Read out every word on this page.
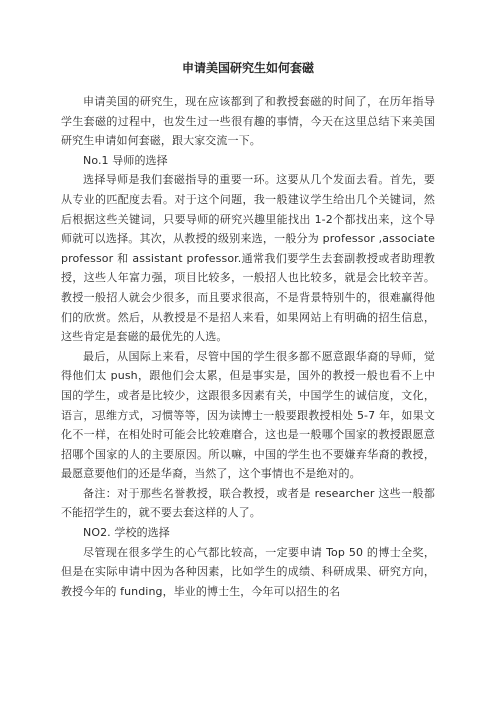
申请美国研究生如何套磁

申请美国的研究生，现在应该都到了和教授套磁的时间了，在历年指导学生套磁的过程中，也发生过一些很有趣的事情，今天在这里总结下来美国研究生申请如何套磁，跟大家交流一下。

No.1 导师的选择

选择导师是我们套磁指导的重要一环。这要从几个发面去看。首先，要从专业的匹配度去看。对于这个问题，我一般建议学生给出几个关键词，然后根据这些关键词，只要导师的研究兴趣里能找出 1-2个都找出来，这个导师就可以选择。其次，从教授的级别来选，一般分为 professor ,associate professor 和 assistant professor.通常我们要学生去套副教授或者助理教授，这些人年富力强，项目比较多，一般招人也比较多，就是会比较辛苦。教授一般招人就会少很多，而且要求很高，不是背景特别牛的，很难赢得他们的欣赏。然后，从教授是不是招人来看，如果网站上有明确的招生信息，这些肯定是套磁的最优先的人选。

最后，从国际上来看，尽管中国的学生很多都不愿意跟华裔的导师，觉得他们太 push，跟他们会太累，但是事实是，国外的教授一般也看不上中国的学生，或者是比较少，这跟很多因素有关，中国学生的诚信度，文化，语言，思维方式，习惯等等，因为读博士一般要跟教授相处 5-7 年，如果文化不一样，在相处时可能会比较难磨合，这也是一般哪个国家的教授跟愿意招哪个国家的人的主要原因。所以嘛，中国的学生也不要嫌弃华裔的教授，最愿意要他们的还是华裔，当然了，这个事情也不是绝对的。

备注：对于那些名誉教授，联合教授，或者是 researcher 这些一般都不能招学生的，就不要去套这样的人了。

NO2. 学校的选择

尽管现在很多学生的心气都比较高，一定要申请 Top 50 的博士全奖，但是在实际申请中因为各种因素，比如学生的成绩、科研成果、研究方向，教授今年的 funding，毕业的博士生，今年可以招生的名
